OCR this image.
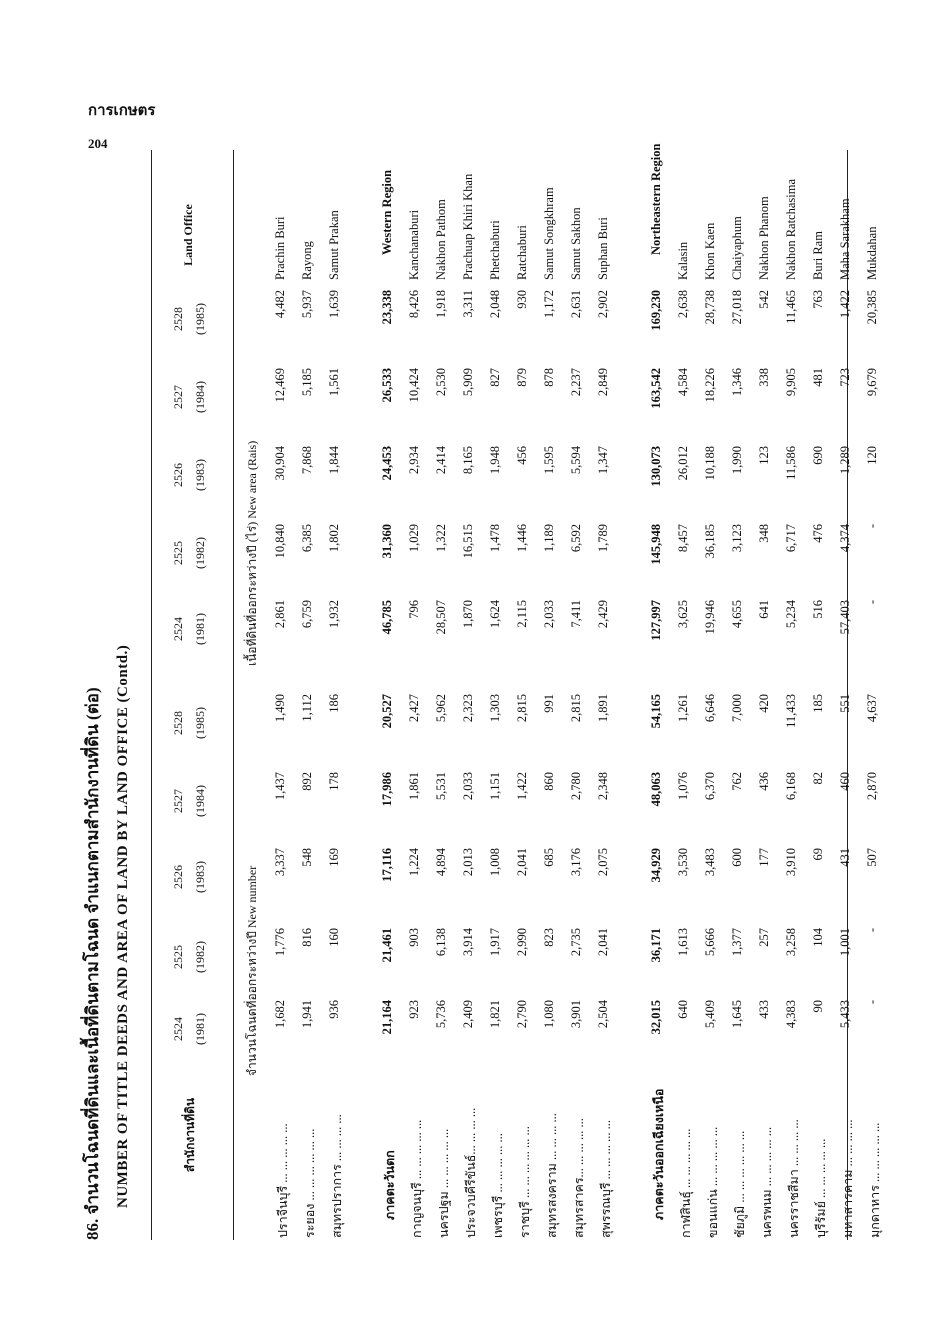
การเกษตร
204
86. จำนวนโฉนดที่ดินและเนื้อที่ดินตามโฉนด จำแนกตามสำนักงานที่ดิน (ต่อ) NUMBER OF TITLE DEEDS AND AREA OF LAND BY LAND OFFICE (Contd.)	สำนักงานที่ดิน
Land Office
2524 (1981)
2525 (1982)
2526 (1983)
2527 (1984)
2528 (1985)
2524 (1981)
2525 (1982)
2526 (1983)
2527 (1984)
2528 (1985)
จำนวนโฉนดที่ออกระหว่างปี New number
เนื้อที่ดินที่ออกระหว่างปี (ไร่) New area (Rais)
ปราจีนบุรี ... ... ... ... ...
1,682
1,776
3,337
1,437
1,490
2,861
10,840
30,904
12,469
4,482
Prachin Buri
ระยอง ... ... ... ... ... ...
1,941
816
548
892
1,112
6,759
6,385
7,868
5,185
5,937
Rayong
สมุทรปราการ ... ... ... ...
936
160
169
178
186
1,932
1,802
1,844
1,561
1,639
Samut Prakan
ภาคตะวันตก
21,164
21,461
17,116
17,986
20,527
46,785
31,360
24,453
26,533
23,338
Western Region
กาญจนบุรี ... ... ... ... ...
923
903
1,224
1,861
2,427
796
1,029
2,934
10,424
8,426
Kanchanaburi
นครปฐม ... ... ... ... ...
5,736
6,138
4,894
5,531
5,962
28,507
1,322
2,414
2,530
1,918
Nakhon Pathom
ประจวบคีรีขันธ์... ... ... ...
2,409
3,914
2,013
2,033
2,323
1,870
16,515
8,165
5,909
3,311
Prachuap Khiri Khan
เพชรบุรี ... ... ... ... ...
1,821
1,917
1,008
1,151
1,303
1,624
1,478
1,948
827
2,048
Phetchaburi
ราชบุรี ... ... ... ... ... ...
2,790
2,990
2,041
1,422
2,815
2,115
1,446
456
879
930
Ratchaburi
สมุทรสงคราม ... ... ... ...
1,080
823
685
860
991
2,033
1,189
1,595
878
1,172
Samut Songkhram
สมุทรสาคร... ... ... ... ...
3,901
2,735
3,176
2,780
2,815
7,411
6,592
5,594
2,237
2,631
Samut Sakhon
สุพรรณบุรี ... ... ... ... ...
2,504
2,041
2,075
2,348
1,891
2,429
1,789
1,347
2,849
2,902
Suphan Buri
ภาคตะวันออกเฉียงเหนือ
32,015
36,171
34,929
48,063
54,165
127,997
145,948
130,073
163,542
169,230
Northeastern Region
กาฬสินธุ์ ... ... ... ... ...
640
1,613
3,530
1,076
1,261
3,625
8,457
26,012
4,584
2,638
Kalasin
ขอนแก่น ... ... ... ... ...
5,409
5,666
3,483
6,370
6,646
19,946
36,185
10,188
18,226
28,738
Khon Kaen
ชัยภูมิ ... ... ... ... ... ...
1,645
1,377
600
762
7,000
4,655
3,123
1,990
1,346
27,018
Chaiyaphum
นครพนม ... ... ... ... ...
433
257
177
436
420
641
348
123
338
542
Nakhon Phanom
นครราชสีมา ... ... ... ...
4,383
3,258
3,910
6,168
11,433
5,234
6,717
11,586
9,905
11,465
Nakhon Ratchasima
บุรีรัมย์ ... ... ... ... ...
90
104
69
82
185
516
476
690
481
763
Buri Ram
มหาสารคาม ... ... ... ...
5,433
1,001
431
460
551
57,403
4,374
1,289
723
1,422
Maha Sarakham
มุกดาหาร ... ... ... ... ...
-
-
507
2,870
4,637
-
-
120
9,679
20,385
Mukdahan
